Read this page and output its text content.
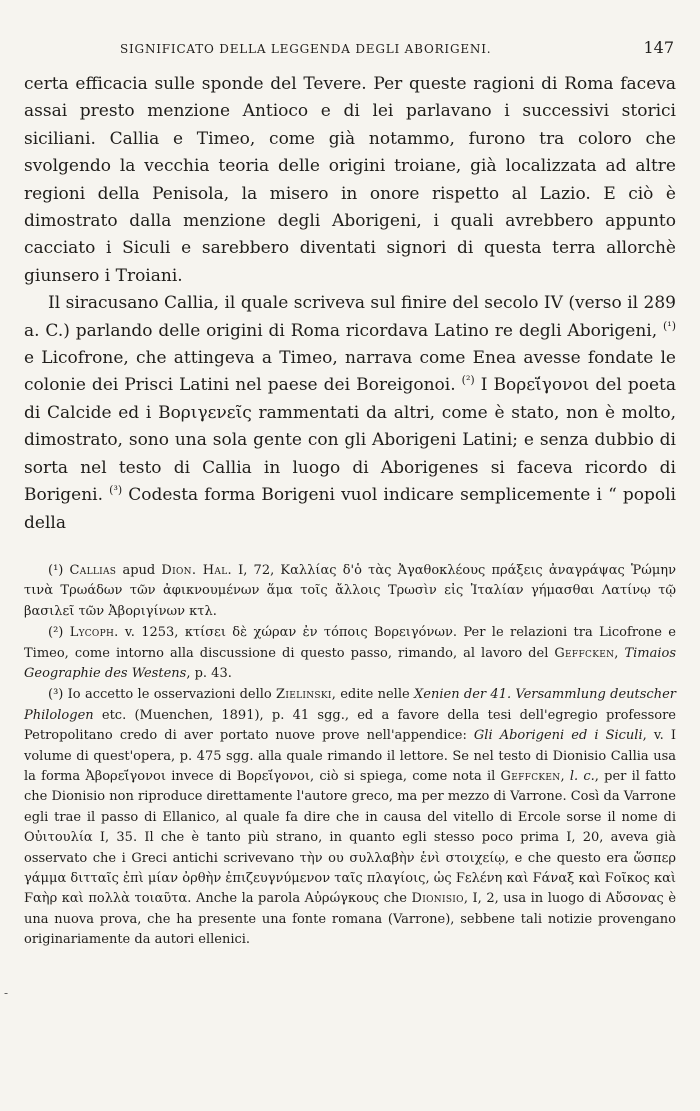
SIGNIFICATO DELLA LEGGENDA DEGLI ABORIGENI.	147

certa efficacia sulle sponde del Tevere. Per queste ragioni di Roma faceva assai presto menzione Antioco e di lei parlavano i successivi storici siciliani. Callia e Timeo, come già notammo, furono tra coloro che svolgendo la vecchia teoria delle origini troiane, già localizzata ad altre regioni della Penisola, la misero in onore rispetto al Lazio. E ciò è dimostrato dalla menzione degli Aborigeni, i quali avrebbero appunto cacciato i Siculi e sarebbero diventati signori di questa terra allorchè giunsero i Troiani.

Il siracusano Callia, il quale scriveva sul finire del secolo IV (verso il 289 a. C.) parlando delle origini di Roma ricordava Latino re degli Aborigeni, $^{(^1)}$ e Licofrone, che attingeva a Timeo, narrava come Enea avesse fondate le colonie dei Prisci Latini nel paese dei Boreigonoi. $^{(^2)}$ I Βορεί̈γονοι del poeta di Calcide ed i Βοριγενεῖς rammentati da altri, come è stato, non è molto, dimostrato, sono una sola gente con gli Aborigeni Latini; e senza dubbio di sorta nel testo di Callia in luogo di Aborigenes si faceva ricordo di Borigeni. $^{(^3)}$ Codesta forma Borigeni vuol indicare semplicemente i “ popoli della

(¹) Callias apud Dion. Hal. I, 72, Καλλίας δ'ὁ τὰς Ἀγαθοκλέους πράξεις ἀναγράψας Ῥώμην τινὰ Τρωάδων τῶν ἀφικνουμένων ἅμα τοῖς ἄλλοις Τρωσὶν εἰς Ἰταλίαν γήμασθαι Λατίνῳ τῷ βασιλεῖ τῶν Ἀβοριγίνων κτλ.

(²) Lycoph. v. 1253, κτίσει δὲ χώραν ἐν τόποις Βορειγόνων. Per le relazioni tra Licofrone e Timeo, come intorno alla discussione di questo passo, rimando, al lavoro del Geffcken, Timaios Geographie des Westens, p. 43.

(³) Io accetto le osservazioni dello Zielinski, edite nelle Xenien der 41. Versammlung deutscher Philologen etc. (Muenchen, 1891), p. 41 sgg., ed a favore della tesi dell'egregio professore Petropolitano credo di aver portato nuove prove nell'appendice: Gli Aborigeni ed i Siculi, v. I volume di quest'opera, p. 475 sgg. alla quale rimando il lettore. Se nel testo di Dionisio Callia usa la forma Ἀβορεί̈γονοι invece di Βορεί̈γονοι, ciò si spiega, come nota il Geffcken, l. c., per il fatto che Dionisio non riproduce direttamente l'autore greco, ma per mezzo di Varrone. Così da Varrone egli trae il passo di Ellanico, al quale fa dire che in causa del vitello di Ercole sorse il nome di Οὐιτουλία I, 35. Il che è tanto più strano, in quanto egli stesso poco prima I, 20, aveva già osservato che i Greci antichi scrivevano τὴν ου συλλαβὴν ἑνὶ στοιχείῳ, e che questo era ὥσπερ γάμμα διτταῖς ἐπὶ μίαν ὀρθὴν ἐπιζευγνύμενον ταῖς πλαγίοις, ὡς Ϝελένη καὶ Ϝάναξ καὶ Ϝοῖκος καὶ Ϝαὴρ καὶ πολλὰ τοιαῦτα. Anche la parola Αὐρώγκους che Dionisio, I, 2, usa in luogo di Αὔσονας è una nuova prova, che ha presente una fonte romana (Varrone), sebbene tali notizie provengano originariamente da autori ellenici.

-
